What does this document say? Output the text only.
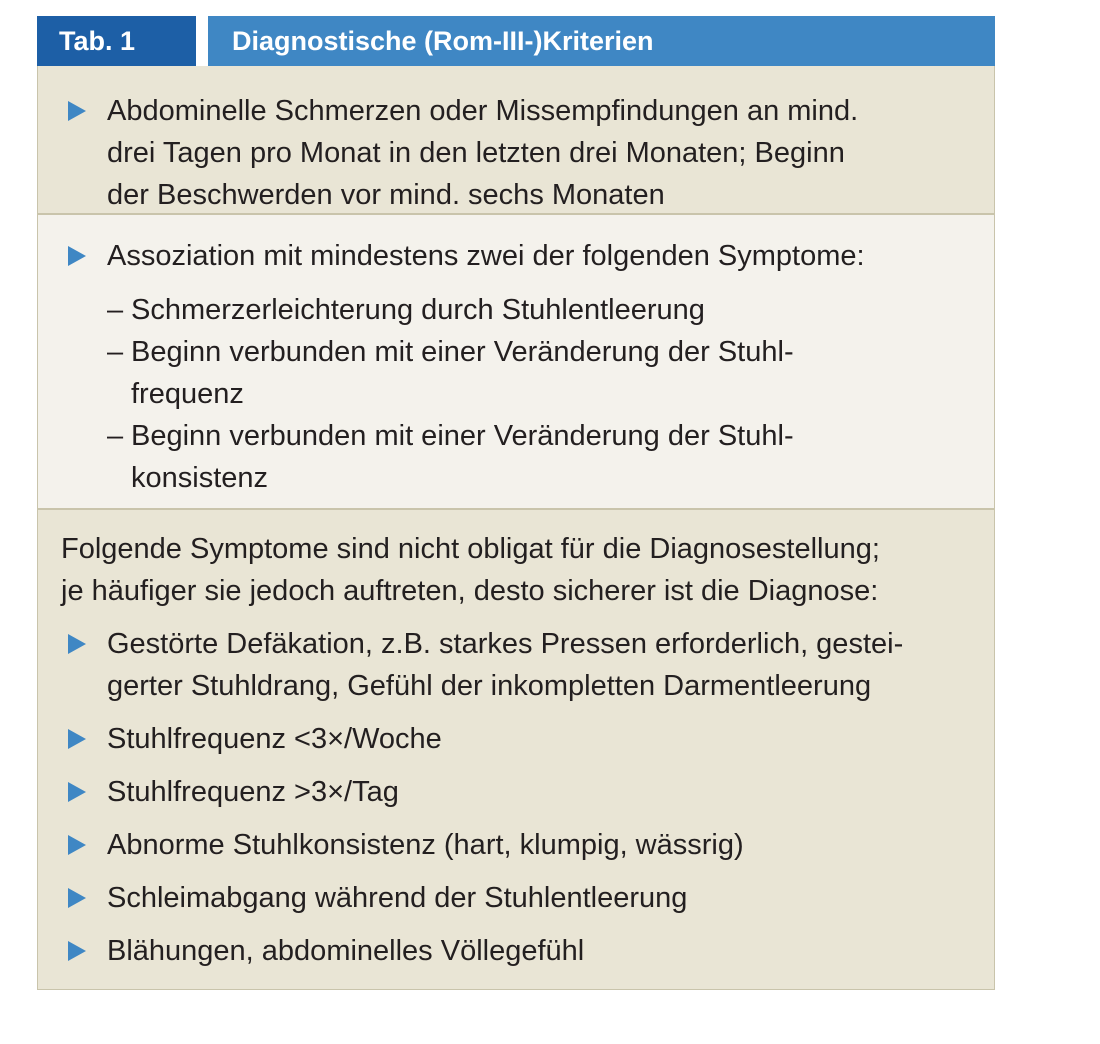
Tab. 1	Diagnostische (Rom-III-)Kriterien
Abdominelle Schmerzen oder Missempfindungen an mind.
drei Tagen pro Monat in den letzten drei Monaten; Beginn
der Beschwerden vor mind. sechs Monaten
Assoziation mit mindestens zwei der folgenden Symptome:
– Schmerzerleichterung durch Stuhlentleerung
– Beginn verbunden mit einer Veränderung der Stuhl-
frequenz
– Beginn verbunden mit einer Veränderung der Stuhl-
konsistenz
Folgende Symptome sind nicht obligat für die Diagnosestellung;
je häufiger sie jedoch auftreten, desto sicherer ist die Diagnose:
Gestörte Defäkation, z.B. starkes Pressen erforderlich, gestei-
gerter Stuhldrang, Gefühl der inkompletten Darmentleerung
Stuhlfrequenz <3×/Woche
Stuhlfrequenz >3×/Tag
Abnorme Stuhlkonsistenz (hart, klumpig, wässrig)
Schleimabgang während der Stuhlentleerung
Blähungen, abdominelles Völlegefühl
